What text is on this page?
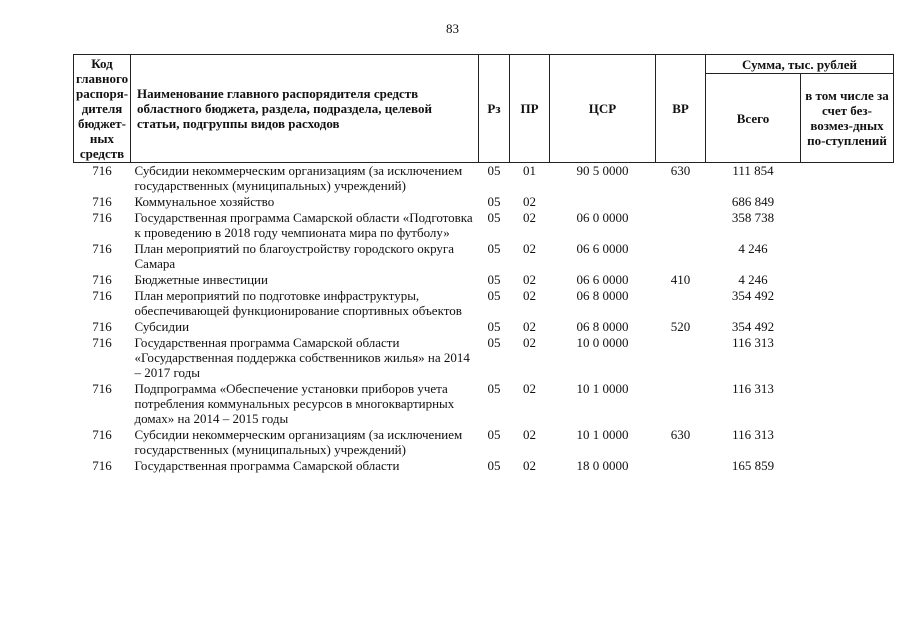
83
Код главного распоря-дителя бюджет-ных средств	Наименование главного распорядителя средств областного бюджета, раздела, подраздела, целевой статьи, подгруппы видов расходов	Рз	ПР	ЦСР	ВР	Сумма, тыс. рублей	
						Всего	в том числе за счет без-возмез-дных по-ступлений
716	Субсидии некоммерческим организациям (за исключением государственных (муниципальных) учреждений)	05	01	90 5 0000	630	111 854	
716	Коммунальное хозяйство	05	02			686 849	
716	Государственная программа Самарской области «Подготовка к проведению в 2018 году чемпионата мира по футболу»	05	02	06 0 0000		358 738	
716	План мероприятий по благоустройству городского округа Самара	05	02	06 6 0000		4 246	
716	Бюджетные инвестиции	05	02	06 6 0000	410	4 246	
716	План мероприятий по подготовке инфраструктуры, обеспечивающей функционирование спортивных объектов	05	02	06 8 0000		354 492	
716	Субсидии	05	02	06 8 0000	520	354 492	
716	Государственная программа Самарской области «Государственная поддержка собственников жилья» на 2014 – 2017 годы	05	02	10 0 0000		116 313	
716	Подпрограмма «Обеспечение установки приборов учета потребления коммунальных ресурсов в многоквартирных домах» на 2014 – 2015 годы	05	02	10 1 0000		116 313	
716	Субсидии некоммерческим организациям (за исключением государственных (муниципальных) учреждений)	05	02	10 1 0000	630	116 313	
716	Государственная программа Самарской области	05	02	18 0 0000		165 859	
